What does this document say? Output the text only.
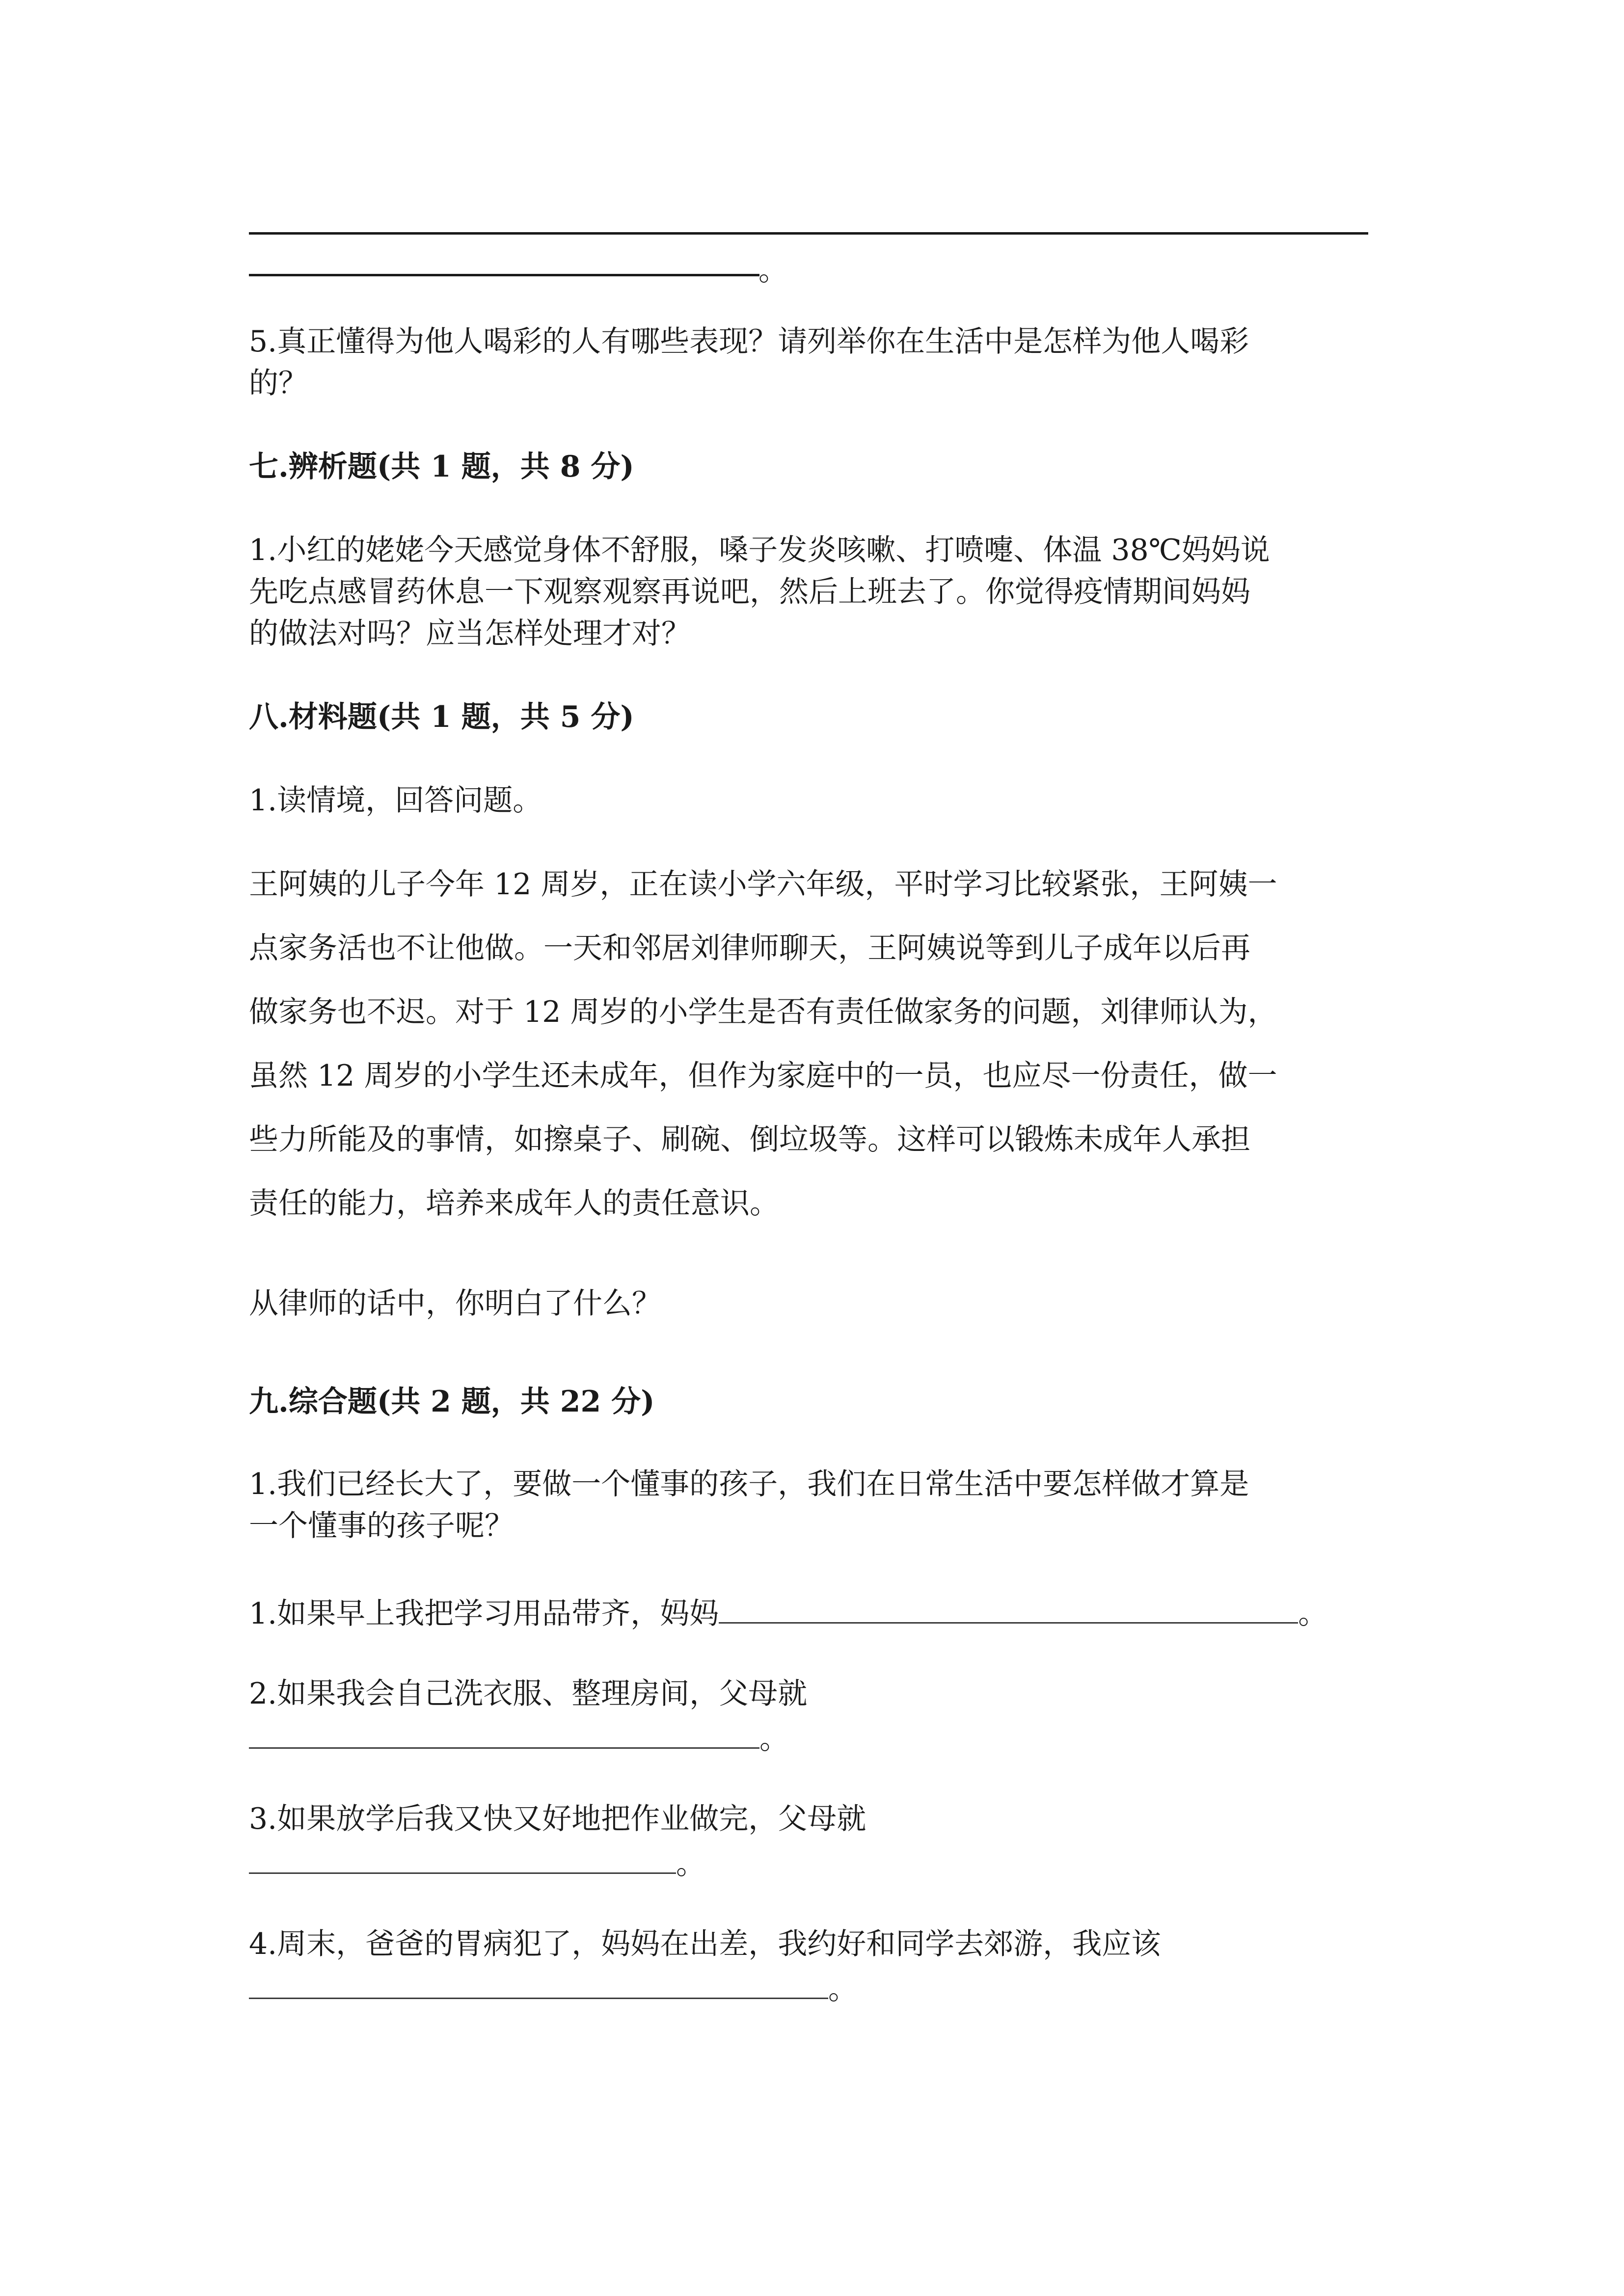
。
5.真正懂得为他人喝彩的人有哪些表现？请列举你在生活中是怎样为他人喝彩
的？
七.辨析题(共 1 题，共 8 分)
1.小红的姥姥今天感觉身体不舒服，嗓子发炎咳嗽、打喷嚏、体温 38℃妈妈说
先吃点感冒药休息一下观察观察再说吧，然后上班去了。你觉得疫情期间妈妈
的做法对吗？应当怎样处理才对？
八.材料题(共 1 题，共 5 分)
1.读情境，回答问题。
王阿姨的儿子今年 12 周岁，正在读小学六年级，平时学习比较紧张，王阿姨一
点家务活也不让他做。一天和邻居刘律师聊天，王阿姨说等到儿子成年以后再
做家务也不迟。对于 12 周岁的小学生是否有责任做家务的问题，刘律师认为，
虽然 12 周岁的小学生还未成年，但作为家庭中的一员，也应尽一份责任，做一
些力所能及的事情，如擦桌子、刷碗、倒垃圾等。这样可以锻炼未成年人承担
责任的能力，培养来成年人的责任意识。
从律师的话中，你明白了什么？
九.综合题(共 2 题，共 22 分)
1.我们已经长大了，要做一个懂事的孩子，我们在日常生活中要怎样做才算是
一个懂事的孩子呢？
1.如果早上我把学习用品带齐，妈妈	。
2.如果我会自己洗衣服、整理房间，父母就
。
3.如果放学后我又快又好地把作业做完，父母就
。
4.周末，爸爸的胃病犯了，妈妈在出差，我约好和同学去郊游，我应该
。
